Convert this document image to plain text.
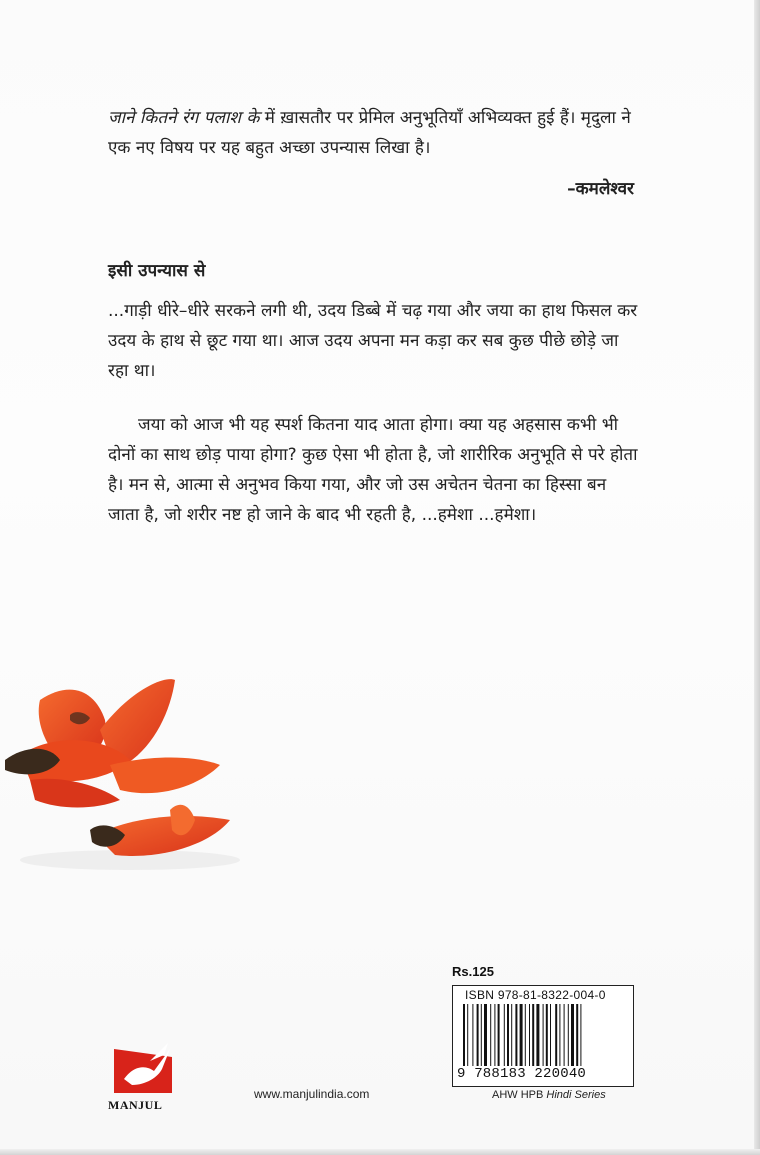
जाने कितने रंग पलाश के में ख़ासतौर पर प्रेमिल अनुभूतियाँ अभिव्यक्त हुई हैं। मृदुला ने एक नए विषय पर यह बहुत अच्छा उपन्यास लिखा है।
–कमलेश्वर
इसी उपन्यास से
...गाड़ी धीरे–धीरे सरकने लगी थी, उदय डिब्बे में चढ़ गया और जया का हाथ फिसल कर उदय के हाथ से छूट गया था। आज उदय अपना मन कड़ा कर सब कुछ पीछे छोड़े जा रहा था।
जया को आज भी यह स्पर्श कितना याद आता होगा। क्या यह अहसास कभी भी दोनों का साथ छोड़ पाया होगा? कुछ ऐसा भी होता है, जो शारीरिक अनुभूति से परे होता है। मन से, आत्मा से अनुभव किया गया, और जो उस अचेतन चेतना का हिस्सा बन जाता है, जो शरीर नष्ट हो जाने के बाद भी रहती है, ...हमेशा ...हमेशा।
Rs.125
ISBN 978-81-8322-004-0
9 788183 220040
AHW HPB Hindi Series
www.manjulindia.com
MANJUL
